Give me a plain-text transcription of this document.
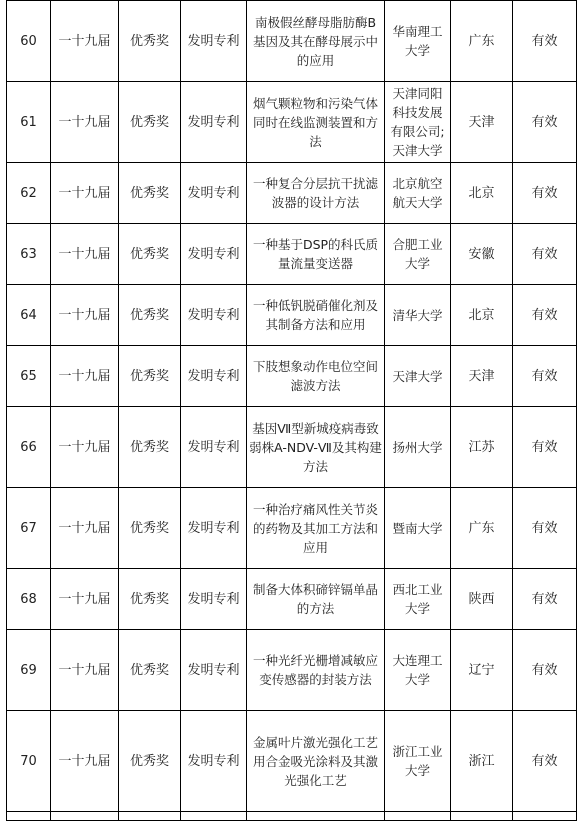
60	一十九届	优秀奖	发明专利	南极假丝酵母脂肪酶B基因及其在酵母展示中的应用	华南理工大学	广东	有效
61	一十九届	优秀奖	发明专利	烟气颗粒物和污染气体同时在线监测装置和方法	天津同阳科技发展有限公司;天津大学	天津	有效
62	一十九届	优秀奖	发明专利	一种复合分层抗干扰滤波器的设计方法	北京航空航天大学	北京	有效
63	一十九届	优秀奖	发明专利	一种基于DSP的科氏质量流量变送器	合肥工业大学	安徽	有效
64	一十九届	优秀奖	发明专利	一种低钒脱硝催化剂及其制备方法和应用	清华大学	北京	有效
65	一十九届	优秀奖	发明专利	下肢想象动作电位空间滤波方法	天津大学	天津	有效
66	一十九届	优秀奖	发明专利	基因Ⅶ型新城疫病毒致弱株A-NDV-Ⅶ及其构建方法	扬州大学	江苏	有效
67	一十九届	优秀奖	发明专利	一种治疗痛风性关节炎的药物及其加工方法和应用	暨南大学	广东	有效
68	一十九届	优秀奖	发明专利	制备大体积碲锌镉单晶的方法	西北工业大学	陕西	有效
69	一十九届	优秀奖	发明专利	一种光纤光栅增减敏应变传感器的封装方法	大连理工大学	辽宁	有效
70	一十九届	优秀奖	发明专利	金属叶片激光强化工艺用合金吸光涂料及其激光强化工艺	浙江工业大学	浙江	有效
